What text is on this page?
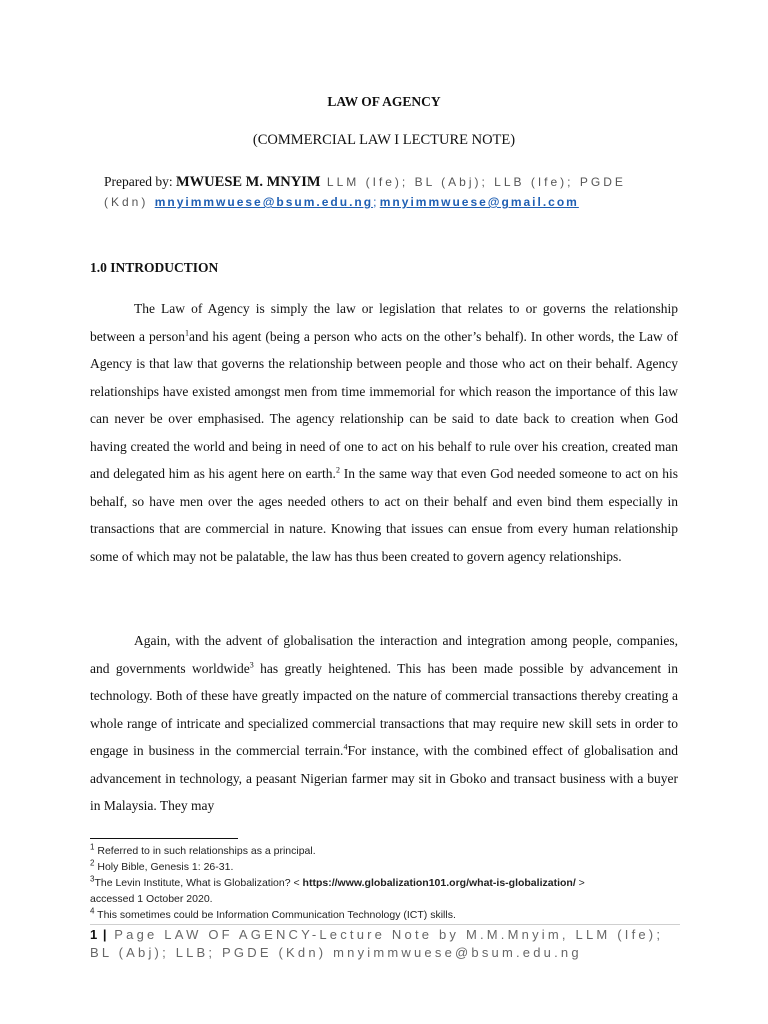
LAW OF AGENCY
(COMMERCIAL LAW I LECTURE NOTE)
Prepared by: MWUESE M. MNYIM LLM (Ife); BL (Abj); LLB (Ife); PGDE
(Kdn) mnyimmwuese@bsum.edu.ng; mnyimmwuese@gmail.com
1.0 INTRODUCTION

The Law of Agency is simply the law or legislation that relates to or governs the relationship between a person$^1$and his agent (being a person who acts on the other’s behalf). In other words, the Law of Agency is that law that governs the relationship between people and those who act on their behalf. Agency relationships have existed amongst men from time immemorial for which reason the importance of this law can never be over emphasised. The agency relationship can be said to date back to creation when God having created the world and being in need of one to act on his behalf to rule over his creation, created man and delegated him as his agent here on earth.$^2$ In the same way that even God needed someone to act on his behalf, so have men over the ages needed others to act on their behalf and even bind them especially in transactions that are commercial in nature. Knowing that issues can ensue from every human relationship some of which may not be palatable, the law has thus been created to govern agency relationships.

Again, with the advent of globalisation the interaction and integration among people, companies, and governments worldwide$^3$ has greatly heightened. This has been made possible by advancement in technology. Both of these have greatly impacted on the nature of commercial transactions thereby creating a whole range of intricate and specialized commercial transactions that may require new skill sets in order to engage in business in the commercial terrain.$^4$For instance, with the combined effect of globalisation and advancement in technology, a peasant Nigerian farmer may sit in Gboko and transact business with a buyer in Malaysia. They may

$^1$ Referred to in such relationships as a principal.
$^2$ Holy Bible, Genesis 1: 26-31.
$^3$The Levin Institute, What is Globalization? < https://www.globalization101.org/what-is-globalization/ >
accessed 1 October 2020.
$^4$ This sometimes could be Information Communication Technology (ICT) skills.
1 | Page LAW OF AGENCY-Lecture Note by M.M.Mnyim, LLM (Ife);
BL (Abj); LLB; PGDE (Kdn) mnyimmwuese@bsum.edu.ng
